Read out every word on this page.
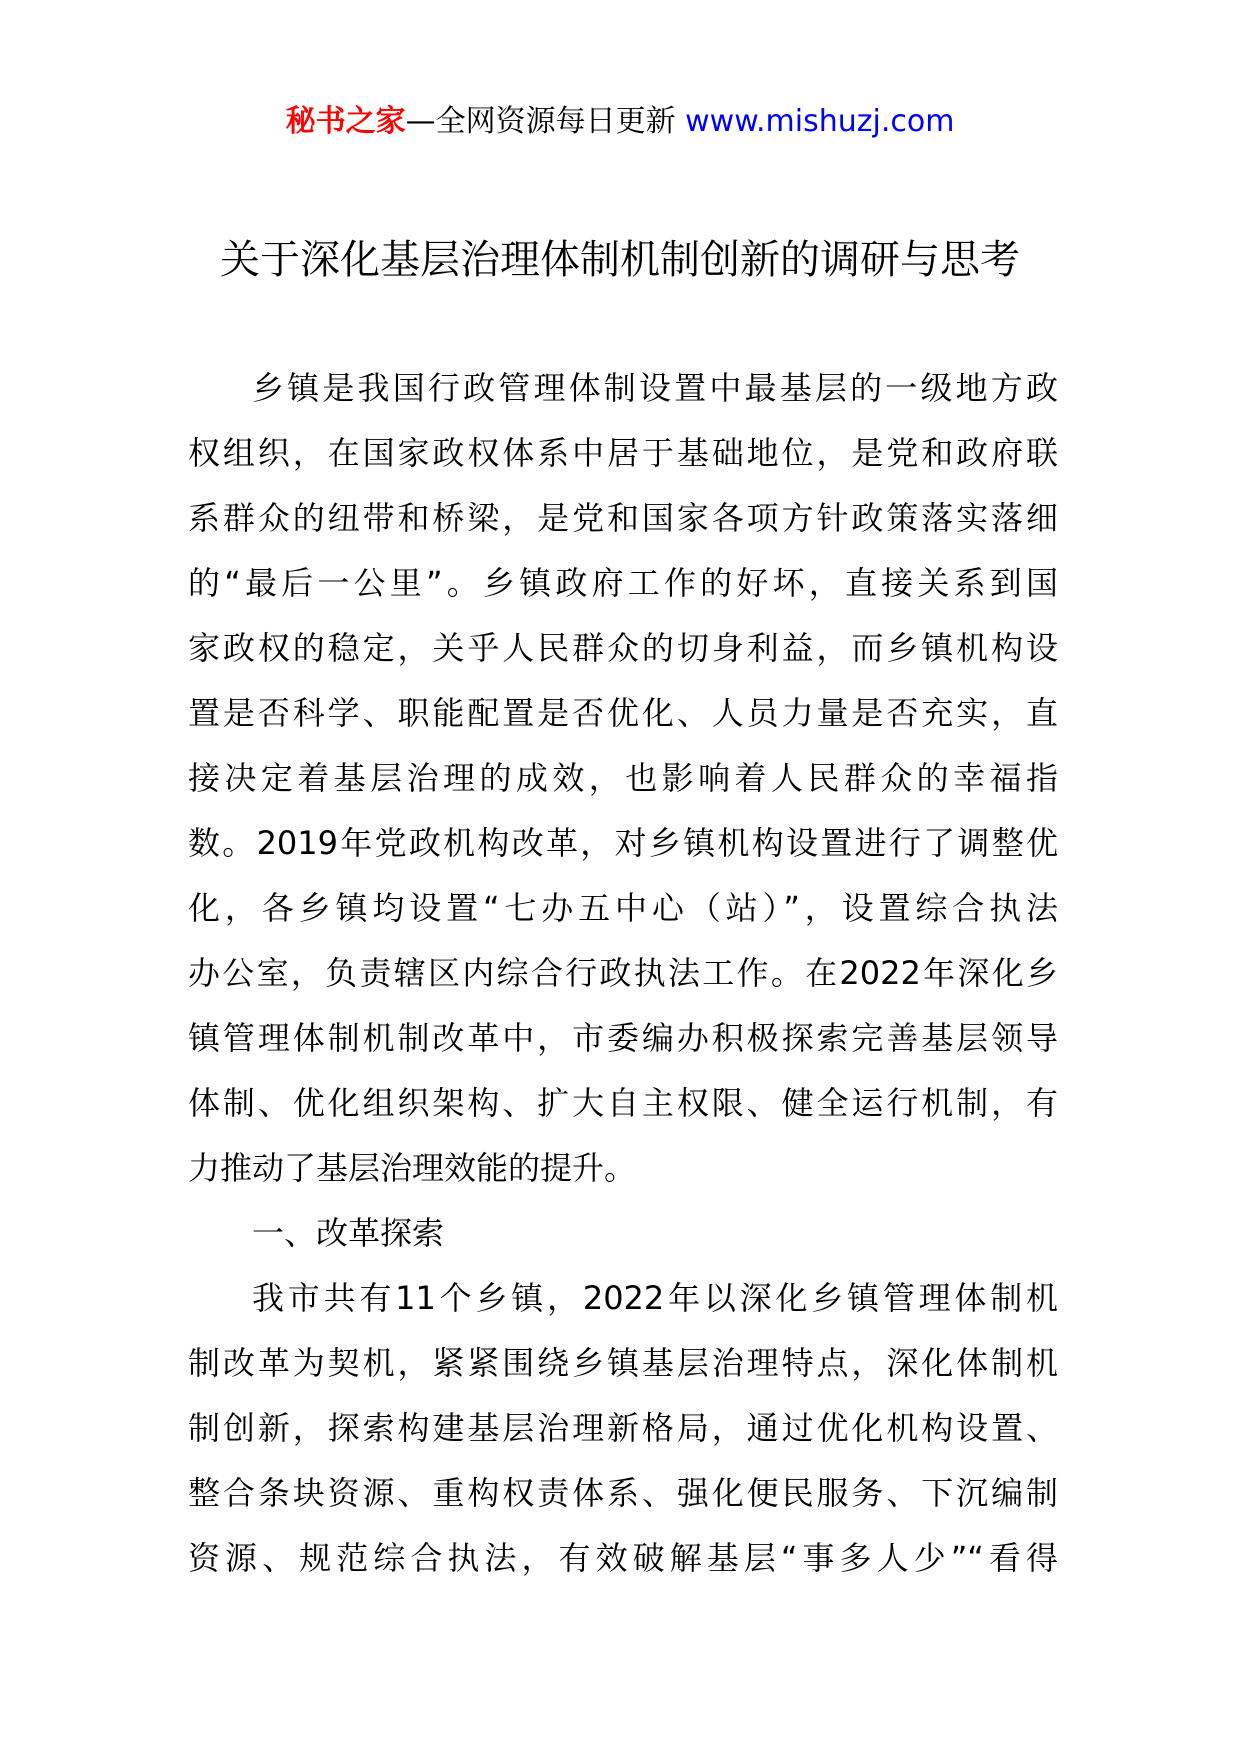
秘书之家—全网资源每日更新 www.mishuzj.com
关于深化基层治理体制机制创新的调研与思考
乡镇是我国行政管理体制设置中最基层的一级地方政
权组织，在国家政权体系中居于基础地位，是党和政府联
系群众的纽带和桥梁，是党和国家各项方针政策落实落细
的“最后一公里”。乡镇政府工作的好坏，直接关系到国
家政权的稳定，关乎人民群众的切身利益，而乡镇机构设
置是否科学、职能配置是否优化、人员力量是否充实，直
接决定着基层治理的成效，也影响着人民群众的幸福指
数。2019年党政机构改革，对乡镇机构设置进行了调整优
化，各乡镇均设置“七办五中心（站）”，设置综合执法
办公室，负责辖区内综合行政执法工作。在2022年深化乡
镇管理体制机制改革中，市委编办积极探索完善基层领导
体制、优化组织架构、扩大自主权限、健全运行机制，有
力推动了基层治理效能的提升。
一、改革探索
我市共有11个乡镇，2022年以深化乡镇管理体制机
制改革为契机，紧紧围绕乡镇基层治理特点，深化体制机
制创新，探索构建基层治理新格局，通过优化机构设置、
整合条块资源、重构权责体系、强化便民服务、下沉编制
资源、规范综合执法，有效破解基层“事多人少”“看得
